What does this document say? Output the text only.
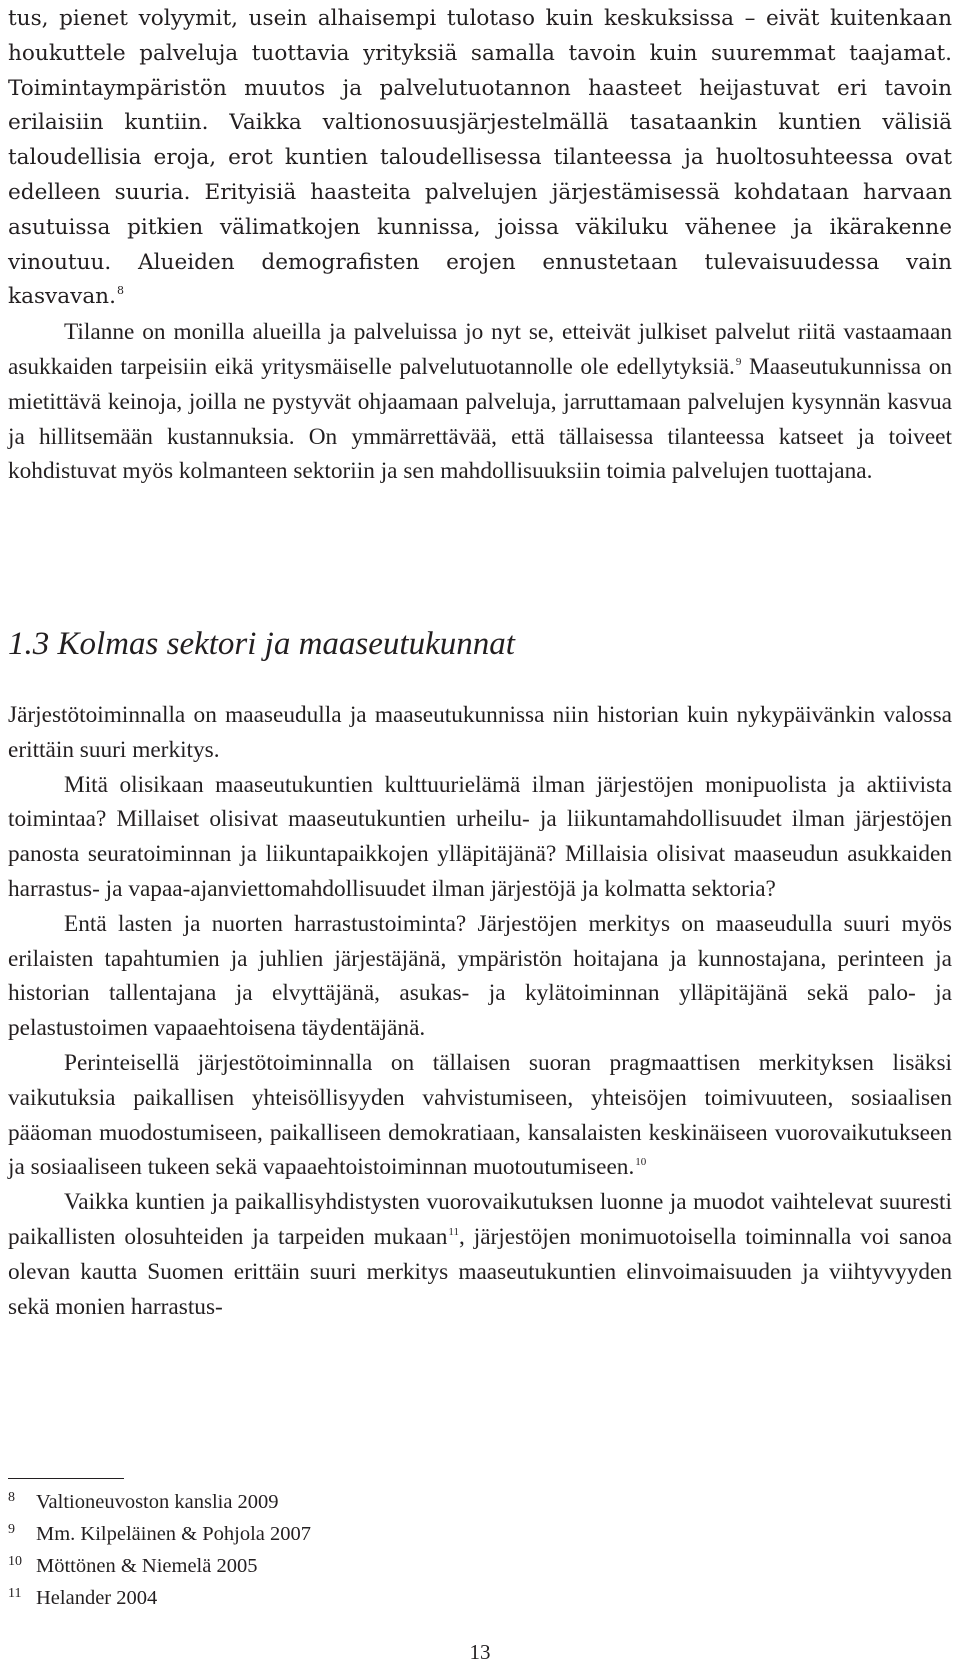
tus, pienet volyymit, usein alhaisempi tulotaso kuin keskuksissa – eivät kuitenkaan houkuttele palveluja tuottavia yrityksiä samalla tavoin kuin suuremmat taajamat. Toimintaympäristön muutos ja palvelutuotannon haasteet heijastuvat eri tavoin erilaisiin kuntiin. Vaikka valtionosuusjärjestelmällä tasataankin kuntien välisiä taloudellisia eroja, erot kuntien taloudellisessa tilanteessa ja huoltosuhteessa ovat edelleen suuria. Erityisiä haasteita palvelujen järjestämisessä kohdataan harvaan asutuissa pitkien välimatkojen kunnissa, joissa väkiluku vähenee ja ikärakenne vinoutuu. Alueiden demografisten erojen ennustetaan tulevaisuudessa vain kasvavan.$^8$

Tilanne on monilla alueilla ja palveluissa jo nyt se, etteivät julkiset palvelut riitä vastaamaan asukkaiden tarpeisiin eikä yritysmäiselle palvelutuotannolle ole edellytyksiä.$^9$ Maaseutukunnissa on mietittävä keinoja, joilla ne pystyvät ohjaamaan palveluja, jarruttamaan palvelujen kysynnän kasvua ja hillitsemään kustannuksia. On ymmärrettävää, että tällaisessa tilanteessa katseet ja toiveet kohdistuvat myös kolmanteen sektoriin ja sen mahdollisuuksiin toimia palvelujen tuottajana.

1.3 Kolmas sektori ja maaseutukunnat

Järjestötoiminnalla on maaseudulla ja maaseutukunnissa niin historian kuin nykypäivänkin valossa erittäin suuri merkitys.

Mitä olisikaan maaseutukuntien kulttuurielämä ilman järjestöjen monipuolista ja aktiivista toimintaa? Millaiset olisivat maaseutukuntien urheilu- ja liikuntamahdollisuudet ilman järjestöjen panosta seuratoiminnan ja liikuntapaikkojen ylläpitäjänä? Millaisia olisivat maaseudun asukkaiden harrastus- ja vapaa-ajanviettomahdollisuudet ilman järjestöjä ja kolmatta sektoria?

Entä lasten ja nuorten harrastustoiminta? Järjestöjen merkitys on maaseudulla suuri myös erilaisten tapahtumien ja juhlien järjestäjänä, ympäristön hoitajana ja kunnostajana, perinteen ja historian tallentajana ja elvyttäjänä, asukas- ja kylätoiminnan ylläpitäjänä sekä palo- ja pelastustoimen vapaaehtoisena täydentäjänä.

Perinteisellä järjestötoiminnalla on tällaisen suoran pragmaattisen merkityksen lisäksi vaikutuksia paikallisen yhteisöllisyyden vahvistumiseen, yhteisöjen toimivuuteen, sosiaalisen pääoman muodostumiseen, paikalliseen demokratiaan, kansalaisten keskinäiseen vuorovaikutukseen ja sosiaaliseen tukeen sekä vapaaehtoistoiminnan muotoutumiseen.$^{10}$

Vaikka kuntien ja paikallisyhdistysten vuorovaikutuksen luonne ja muodot vaihtelevat suuresti paikallisten olosuhteiden ja tarpeiden mukaan$^{11}$, järjestöjen monimuotoisella toiminnalla voi sanoa olevan kautta Suomen erittäin suuri merkitys maaseutukuntien elinvoimaisuuden ja viihtyvyyden sekä monien harrastus-

8 Valtioneuvoston kanslia 2009
9 Mm. Kilpeläinen & Pohjola 2007
10 Möttönen & Niemelä 2005
11 Helander 2004
13
